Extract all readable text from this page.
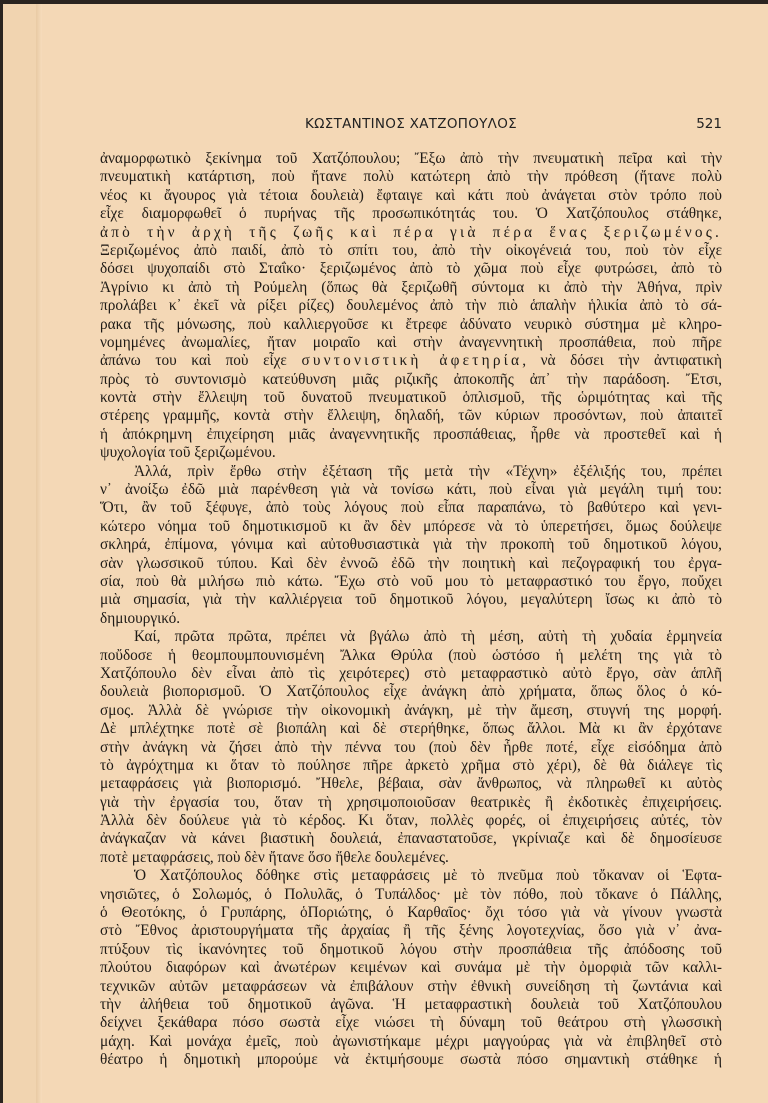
ΚΩΣΤΑΝΤΙΝΟΣ ΧΑΤΖΟΠΟΥΛΟΣ	521
ἀναμορφωτικὸ ξεκίνημα τοῦ Χατζόπουλου; Ἔξω ἀπὸ τὴν πνευματικὴ πεῖρα καὶ τὴν
πνευματικὴ κατάρτιση, ποὺ ἤτανε πολὺ κατώτερη ἀπὸ τὴν πρόθεση (ἤτανε πολὺ
νέος κι ἄγουρος γιὰ τέτοια δουλειὰ) ἔφταιγε καὶ κάτι ποὺ ἀνάγεται στὸν τρόπο ποὺ
εἶχε διαμορφωθεῖ ὁ πυρήνας τῆς προσωπικότητάς του. Ὁ Χατζόπουλος στάθηκε,
ἀπὸ τὴν ἀρχὴ τῆς ζωῆς καὶ πέρα γιὰ πέρα ἕνας ξεριζωμένος.
Ξεριζωμένος ἀπὸ παιδί, ἀπὸ τὸ σπίτι του, ἀπὸ τὴν οἰκογένειά του, ποὺ τὸν εἶχε
δόσει ψυχοπαίδι στὸ Σταΐκο· ξεριζωμένος ἀπὸ τὸ χῶμα ποὺ εἶχε φυτρώσει, ἀπὸ τὸ
Ἀγρίνιο κι ἀπὸ τὴ Ρούμελη (ὅπως θὰ ξεριζωθῆ σύντομα κι ἀπὸ τὴν Ἀθήνα, πρὶν
προλάβει κ᾿ ἐκεῖ νὰ ρίξει ρίζες) δουλεμένος ἀπὸ τὴν πιὸ ἁπαλὴν ἡλικία ἀπὸ τὸ σά-
ρακα τῆς μόνωσης, ποὺ καλλιεργοῦσε κι ἔτρεφε ἀδύνατο νευρικὸ σύστημα μὲ κληρο-
νομημένες ἀνωμαλίες, ἤταν μοιραῖο καὶ στὴν ἀναγεννητικὴ προσπάθεια, ποὺ πῆρε
ἀπάνω του καὶ ποὺ εἶχε συντονιστικὴ ἀφετηρία, νὰ δόσει τὴν ἀντιφατικὴ
πρὸς τὸ συντονισμὸ κατεύθυνση μιᾶς ριζικῆς ἀποκοπῆς ἀπ᾿ τὴν παράδοση. Ἔτσι,
κοντὰ στὴν ἔλλειψη τοῦ δυνατοῦ πνευματικοῦ ὁπλισμοῦ, τῆς ὡριμότητας καὶ τῆς
στέρεης γραμμῆς, κοντὰ στὴν ἔλλειψη, δηλαδή, τῶν κύριων προσόντων, ποὺ ἀπαιτεῖ
ἡ ἀπόκρημνη ἐπιχείρηση μιᾶς ἀναγεννητικῆς προσπάθειας, ἦρθε νὰ προστεθεῖ καὶ ἡ
ψυχολογία τοῦ ξεριζωμένου.
Ἀλλά, πρὶν ἔρθω στὴν ἐξέταση τῆς μετὰ τὴν «Τέχνη» ἐξέλιξής του, πρέπει
ν᾿ ἀνοίξω ἐδῶ μιὰ παρένθεση γιὰ νὰ τονίσω κάτι, ποὺ εἶναι γιὰ μεγάλη τιμή του:
Ὅτι, ἂν τοῦ ξέφυγε, ἀπὸ τοὺς λόγους ποὺ εἶπα παραπάνω, τὸ βαθύτερο καὶ γενι-
κώτερο νόημα τοῦ δημοτικισμοῦ κι ἂν δὲν μπόρεσε νὰ τὸ ὑπερετήσει, ὅμως δούλεψε
σκληρά, ἐπίμονα, γόνιμα καὶ αὐτοθυσιαστικὰ γιὰ τὴν προκοπὴ τοῦ δημοτικοῦ λόγου,
σὰν γλωσσικοῦ τύπου. Καὶ δὲν ἐννοῶ ἐδῶ τὴν ποιητικὴ καὶ πεζογραφική του ἐργα-
σία, ποὺ θὰ μιλήσω πιὸ κάτω. Ἔχω στὸ νοῦ μου τὸ μεταφραστικό του ἔργο, ποὔχει
μιὰ σημασία, γιὰ τὴν καλλιέργεια τοῦ δημοτικοῦ λόγου, μεγαλύτερη ἴσως κι ἀπὸ τὸ
δημιουργικό.
Καί, πρῶτα πρῶτα, πρέπει νὰ βγάλω ἀπὸ τὴ μέση, αὐτὴ τὴ χυδαία ἑρμηνεία
ποὔδοσε ἡ θεομπουμπουνισμένη Ἄλκα Θρύλα (ποὺ ὡστόσο ἡ μελέτη της γιὰ τὸ
Χατζόπουλο δὲν εἶναι ἀπὸ τὶς χειρότερες) στὸ μεταφραστικὸ αὐτὸ ἔργο, σὰν ἁπλῆ
δουλειὰ βιοπορισμοῦ. Ὁ Χατζόπουλος εἶχε ἀνάγκη ἀπὸ χρήματα, ὅπως ὅλος ὁ κό-
σμος. Ἀλλὰ δὲ γνώρισε τὴν οἰκονομικὴ ἀνάγκη, μὲ τὴν ἄμεση, στυγνή της μορφή.
Δὲ μπλέχτηκε ποτὲ σὲ βιοπάλη καὶ δὲ στερήθηκε, ὅπως ἄλλοι. Μὰ κι ἂν ἐρχότανε
στὴν ἀνάγκη νὰ ζήσει ἀπὸ τὴν πέννα του (ποὺ δὲν ἦρθε ποτέ, εἶχε εἰσόδημα ἀπὸ
τὸ ἀγρόχτημα κι ὅταν τὸ πούλησε πῆρε ἀρκετὸ χρῆμα στὸ χέρι), δὲ θὰ διάλεγε τὶς
μεταφράσεις γιὰ βιοπορισμό. Ἤθελε, βέβαια, σὰν ἄνθρωπος, νὰ πληρωθεῖ κι αὐτὸς
γιὰ τὴν ἐργασία του, ὅταν τὴ χρησιμοποιοῦσαν θεατρικὲς ἢ ἐκδοτικὲς ἐπιχειρήσεις.
Ἀλλὰ δὲν δούλευε γιὰ τὸ κέρδος. Κι ὅταν, πολλὲς φορές, οἱ ἐπιχειρήσεις αὐτές, τὸν
ἀνάγκαζαν νὰ κάνει βιαστικὴ δουλειά, ἐπαναστατοῦσε, γκρίνιαζε καὶ δὲ δημοσίευσε
ποτὲ μεταφράσεις, ποὺ δὲν ἤτανε ὅσο ἤθελε δουλεμένες.
Ὁ Χατζόπουλος δόθηκε στὶς μεταφράσεις μὲ τὸ πνεῦμα ποὺ τὄκαναν οἱ Ἑφτα-
νησιῶτες, ὁ Σολωμός, ὁ Πολυλᾶς, ὁ Τυπάλδος· μὲ τὸν πόθο, ποὺ τὄκανε ὁ Πάλλης,
ὁ Θεοτόκης, ὁ Γρυπάρης, ὁΠοριώτης, ὁ Καρθαῖος· ὄχι τόσο γιὰ νὰ γίνουν γνωστὰ
στὸ Ἔθνος ἀριστουργήματα τῆς ἀρχαίας ἢ τῆς ξένης λογοτεχνίας, ὅσο γιὰ ν᾿ ἀνα-
πτύξουν τὶς ἱκανόνητες τοῦ δημοτικοῦ λόγου στὴν προσπάθεια τῆς ἀπόδοσης τοῦ
πλούτου διαφόρων καὶ ἀνωτέρων κειμένων καὶ συνάμα μὲ τὴν ὀμορφιὰ τῶν καλλι-
τεχνικῶν αὐτῶν μεταφράσεων νὰ ἐπιβάλουν στὴν ἐθνικὴ συνείδηση τὴ ζωντάνια καὶ
τὴν ἀλήθεια τοῦ δημοτικοῦ ἀγῶνα. Ἡ μεταφραστικὴ δουλειὰ τοῦ Χατζόπουλου
δείχνει ξεκάθαρα πόσο σωστὰ εἶχε νιώσει τὴ δύναμη τοῦ θεάτρου στὴ γλωσσικὴ
μάχη. Καὶ μονάχα ἐμεῖς, ποὺ ἀγωνιστήκαμε μέχρι μαγγούρας γιὰ νὰ ἐπιβληθεῖ στὸ
θέατρο ἡ δημοτικὴ μπορούμε νὰ ἐκτιμήσουμε σωστὰ πόσο σημαντικὴ στάθηκε ἡ
